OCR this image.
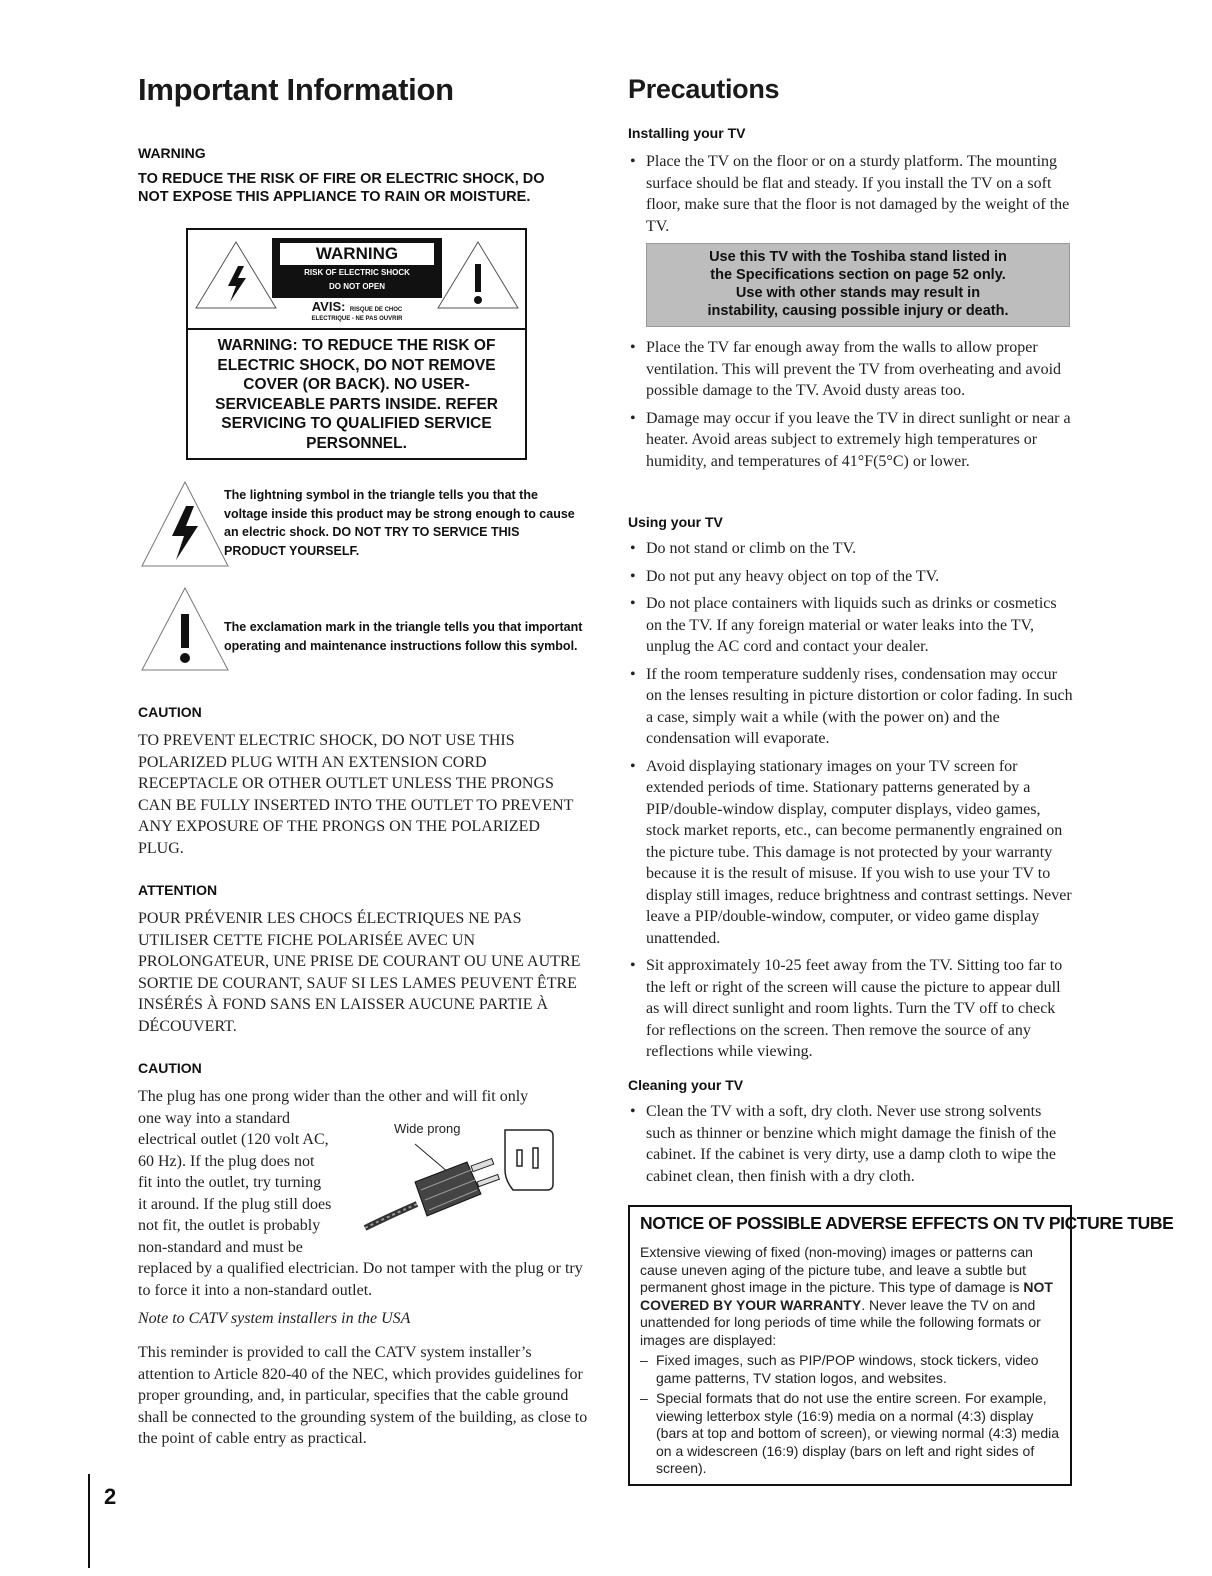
Important Information
WARNING
TO REDUCE THE RISK OF FIRE OR ELECTRIC SHOCK, DO NOT EXPOSE THIS APPLIANCE TO RAIN OR MOISTURE.
WARNING
RISK OF ELECTRIC SHOCK
DO NOT OPEN
AVIS: RISQUE DE CHOC
ELECTRIQUE - NE PAS OUVRIR
WARNING: TO REDUCE THE RISK OF ELECTRIC SHOCK, DO NOT REMOVE COVER (OR BACK). NO USER-SERVICEABLE PARTS INSIDE. REFER SERVICING TO QUALIFIED SERVICE PERSONNEL.
The lightning symbol in the triangle tells you that the voltage inside this product may be strong enough to cause an electric shock. DO NOT TRY TO SERVICE THIS PRODUCT YOURSELF.
The exclamation mark in the triangle tells you that important operating and maintenance instructions follow this symbol.
CAUTION
TO PREVENT ELECTRIC SHOCK, DO NOT USE THIS POLARIZED PLUG WITH AN EXTENSION CORD RECEPTACLE OR OTHER OUTLET UNLESS THE PRONGS CAN BE FULLY INSERTED INTO THE OUTLET TO PREVENT ANY EXPOSURE OF THE PRONGS ON THE POLARIZED PLUG.
ATTENTION
POUR PRÉVENIR LES CHOCS ÉLECTRIQUES NE PAS UTILISER CETTE FICHE POLARISÉE AVEC UN PROLONGATEUR, UNE PRISE DE COURANT OU UNE AUTRE SORTIE DE COURANT, SAUF SI LES LAMES PEUVENT ÊTRE INSÉRÉS À FOND SANS EN LAISSER AUCUNE PARTIE À DÉCOUVERT.
CAUTION
The plug has one prong wider than the other and will fit only
one way into a standard
electrical outlet (120 volt AC,
60 Hz). If the plug does not
fit into the outlet, try turning
it around. If the plug still does
not fit, the outlet is probably
non-standard and must be
replaced by a qualified electrician. Do not tamper with the plug or try to force it into a non-standard outlet.
Wide prong
Note to CATV system installers in the USA
This reminder is provided to call the CATV system installer’s attention to Article 820-40 of the NEC, which provides guidelines for proper grounding, and, in particular, specifies that the cable ground shall be connected to the grounding system of the building, as close to the point of cable entry as practical.
2
Precautions
Installing your TV
• Place the TV on the floor or on a sturdy platform. The mounting surface should be flat and steady. If you install the TV on a soft floor, make sure that the floor is not damaged by the weight of the TV.
Use this TV with the Toshiba stand listed in
the Specifications section on page 52 only.
Use with other stands may result in
instability, causing possible injury or death.
• Place the TV far enough away from the walls to allow proper ventilation. This will prevent the TV from overheating and avoid possible damage to the TV. Avoid dusty areas too.
• Damage may occur if you leave the TV in direct sunlight or near a heater. Avoid areas subject to extremely high temperatures or humidity, and temperatures of 41°F(5°C) or lower.
Using your TV
• Do not stand or climb on the TV.
• Do not put any heavy object on top of the TV.
• Do not place containers with liquids such as drinks or cosmetics on the TV. If any foreign material or water leaks into the TV, unplug the AC cord and contact your dealer.
• If the room temperature suddenly rises, condensation may occur on the lenses resulting in picture distortion or color fading. In such a case, simply wait a while (with the power on) and the condensation will evaporate.
• Avoid displaying stationary images on your TV screen for extended periods of time. Stationary patterns generated by a PIP/double-window display, computer displays, video games, stock market reports, etc., can become permanently engrained on the picture tube. This damage is not protected by your warranty because it is the result of misuse. If you wish to use your TV to display still images, reduce brightness and contrast settings. Never leave a PIP/double-window, computer, or video game display unattended.
• Sit approximately 10-25 feet away from the TV. Sitting too far to the left or right of the screen will cause the picture to appear dull as will direct sunlight and room lights. Turn the TV off to check for reflections on the screen. Then remove the source of any reflections while viewing.
Cleaning your TV
• Clean the TV with a soft, dry cloth. Never use strong solvents such as thinner or benzine which might damage the finish of the cabinet. If the cabinet is very dirty, use a damp cloth to wipe the cabinet clean, then finish with a dry cloth.
NOTICE OF POSSIBLE ADVERSE EFFECTS ON TV PICTURE TUBE
Extensive viewing of fixed (non-moving) images or patterns can cause uneven aging of the picture tube, and leave a subtle but permanent ghost image in the picture. This type of damage is NOT COVERED BY YOUR WARRANTY. Never leave the TV on and unattended for long periods of time while the following formats or images are displayed:
– Fixed images, such as PIP/POP windows, stock tickers, video game patterns, TV station logos, and websites.
– Special formats that do not use the entire screen. For example, viewing letterbox style (16:9) media on a normal (4:3) display (bars at top and bottom of screen), or viewing normal (4:3) media on a widescreen (16:9) display (bars on left and right sides of screen).
